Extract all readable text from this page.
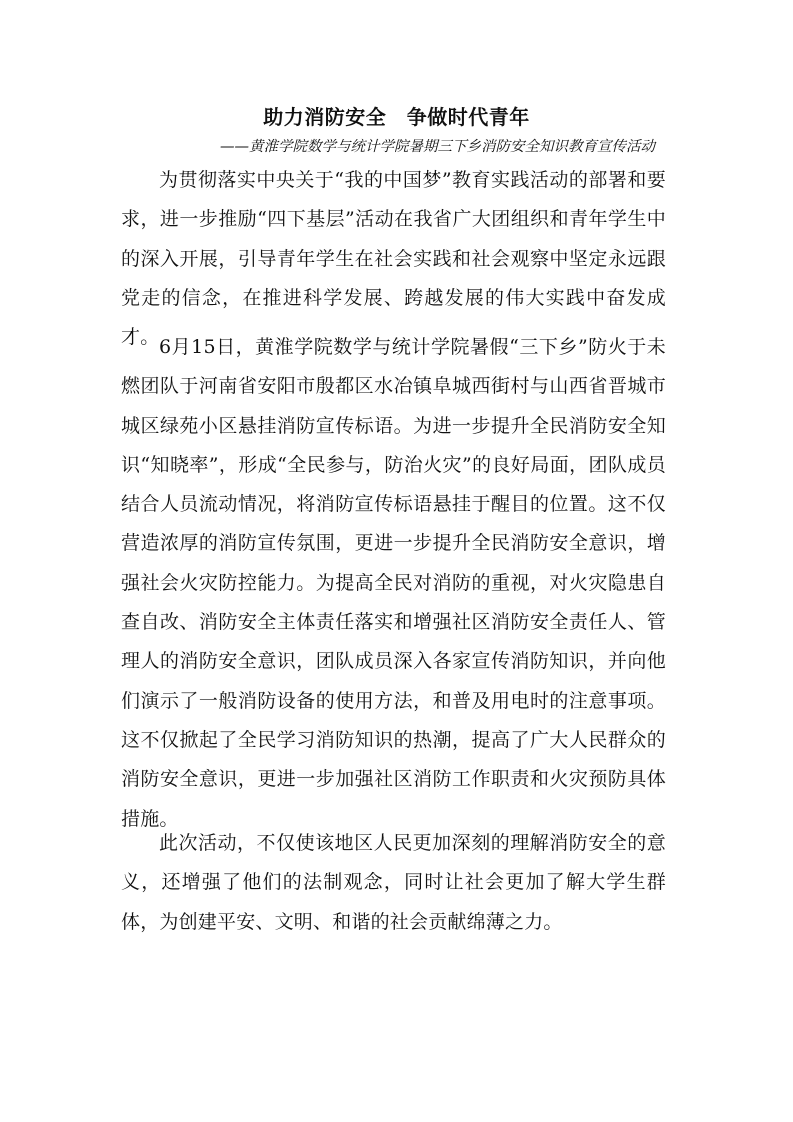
助力消防安全　争做时代青年
——黄淮学院数学与统计学院暑期三下乡消防安全知识教育宣传活动

为贯彻落实中央关于“我的中国梦”教育实践活动的部署和要求，进一步推励“四下基层”活动在我省广大团组织和青年学生中的深入开展，引导青年学生在社会实践和社会观察中坚定永远跟党走的信念，在推进科学发展、跨越发展的伟大实践中奋发成才。 6月15日，黄淮学院数学与统计学院暑假“三下乡”防火于未燃团队于河南省安阳市殷都区水冶镇阜城西街村与山西省晋城市城区绿苑小区悬挂消防宣传标语。为进一步提升全民消防安全知识“知晓率”，形成“全民参与，防治火灾”的良好局面，团队成员结合人员流动情况，将消防宣传标语悬挂于醒目的位置。这不仅营造浓厚的消防宣传氛围，更进一步提升全民消防安全意识，增强社会火灾防控能力。为提高全民对消防的重视，对火灾隐患自查自改、消防安全主体责任落实和增强社区消防安全责任人、管理人的消防安全意识，团队成员深入各家宣传消防知识，并向他们演示了一般消防设备的使用方法，和普及用电时的注意事项。这不仅掀起了全民学习消防知识的热潮，提高了广大人民群众的消防安全意识，更进一步加强社区消防工作职责和火灾预防具体措施。

此次活动，不仅使该地区人民更加深刻的理解消防安全的意义，还增强了他们的法制观念，同时让社会更加了解大学生群体，为创建平安、文明、和谐的社会贡献绵薄之力。
